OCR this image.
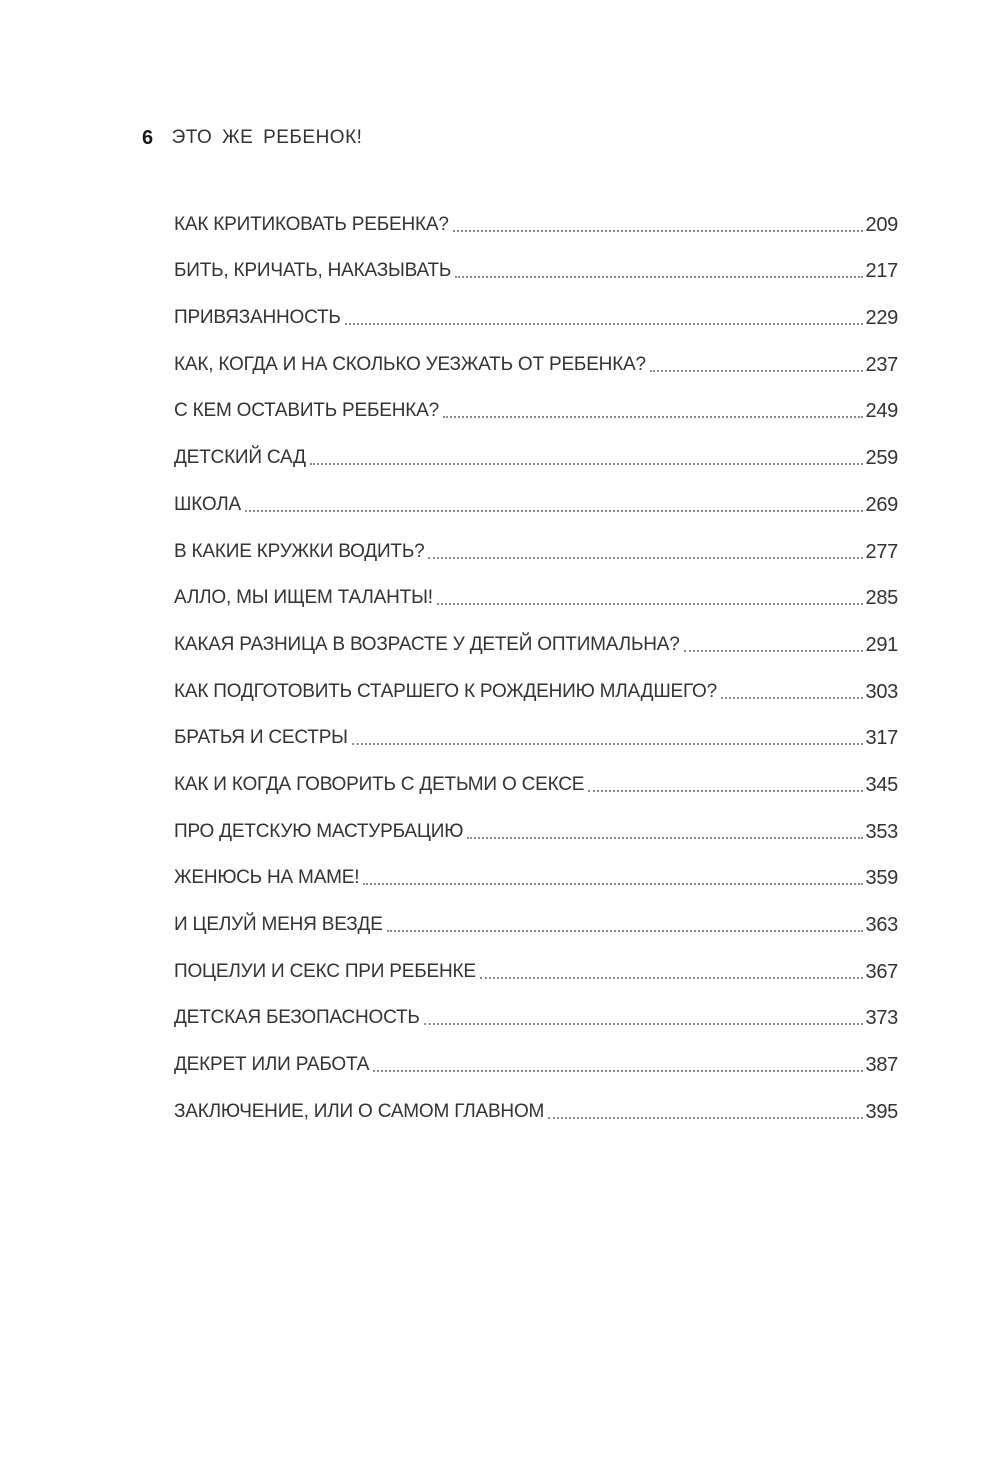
6 ЭТО ЖЕ РЕБЕНОК!
КАК КРИТИКОВАТЬ РЕБЕНКА?	209
БИТЬ, КРИЧАТЬ, НАКАЗЫВАТЬ	217
ПРИВЯЗАННОСТЬ	229
КАК, КОГДА И НА СКОЛЬКО УЕЗЖАТЬ ОТ РЕБЕНКА?	237
С КЕМ ОСТАВИТЬ РЕБЕНКА?	249
ДЕТСКИЙ САД	259
ШКОЛА	269
В КАКИЕ КРУЖКИ ВОДИТЬ?	277
АЛЛО, МЫ ИЩЕМ ТАЛАНТЫ!	285
КАКАЯ РАЗНИЦА В ВОЗРАСТЕ У ДЕТЕЙ ОПТИМАЛЬНА?	291
КАК ПОДГОТОВИТЬ СТАРШЕГО К РОЖДЕНИЮ МЛАДШЕГО?	303
БРАТЬЯ И СЕСТРЫ	317
КАК И КОГДА ГОВОРИТЬ С ДЕТЬМИ О СЕКСЕ	345
ПРО ДЕТСКУЮ МАСТУРБАЦИЮ	353
ЖЕНЮСЬ НА МАМЕ!	359
И ЦЕЛУЙ МЕНЯ ВЕЗДЕ	363
ПОЦЕЛУИ И СЕКС ПРИ РЕБЕНКЕ	367
ДЕТСКАЯ БЕЗОПАСНОСТЬ	373
ДЕКРЕТ ИЛИ РАБОТА	387
ЗАКЛЮЧЕНИЕ, ИЛИ О САМОМ ГЛАВНОМ	395
